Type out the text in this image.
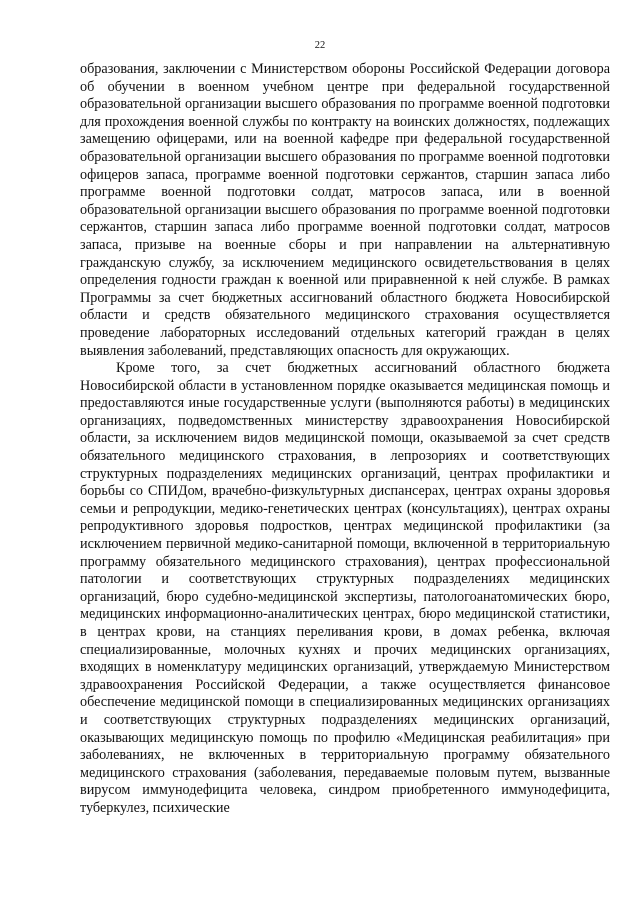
22

образования, заключении с Министерством обороны Российской Федерации договора об обучении в военном учебном центре при федеральной государственной образовательной организации высшего образования по программе военной подготовки для прохождения военной службы по контракту на воинских должностях, подлежащих замещению офицерами, или на военной кафедре при федеральной государственной образовательной организации высшего образования по программе военной подготовки офицеров запаса, программе военной подготовки сержантов, старшин запаса либо программе военной подготовки солдат, матросов запаса, или в военной образовательной организации высшего образования по программе военной подготовки сержантов, старшин запаса либо программе военной подготовки солдат, матросов запаса, призыве на военные сборы и при направлении на альтернативную гражданскую службу, за исключением медицинского освидетельствования в целях определения годности граждан к военной или приравненной к ней службе. В рамках Программы за счет бюджетных ассигнований областного бюджета Новосибирской области и средств обязательного медицинского страхования осуществляется проведение лабораторных исследований отдельных категорий граждан в целях выявления заболеваний, представляющих опасность для окружающих.

Кроме того, за счет бюджетных ассигнований областного бюджета Новосибирской области в установленном порядке оказывается медицинская помощь и предоставляются иные государственные услуги (выполняются работы) в медицинских организациях, подведомственных министерству здравоохранения Новосибирской области, за исключением видов медицинской помощи, оказываемой за счет средств обязательного медицинского страхования, в лепрозориях и соответствующих структурных подразделениях медицинских организаций, центрах профилактики и борьбы со СПИДом, врачебно-физкультурных диспансерах, центрах охраны здоровья семьи и репродукции, медико-генетических центрах (консультациях), центрах охраны репродуктивного здоровья подростков, центрах медицинской профилактики (за исключением первичной медико-санитарной помощи, включенной в территориальную программу обязательного медицинского страхования), центрах профессиональной патологии и соответствующих структурных подразделениях медицинских организаций, бюро судебно-медицинской экспертизы, патологоанатомических бюро, медицинских информационно-аналитических центрах, бюро медицинской статистики, в центрах крови, на станциях переливания крови, в домах ребенка, включая специализированные, молочных кухнях и прочих медицинских организациях, входящих в номенклатуру медицинских организаций, утверждаемую Министерством здравоохранения Российской Федерации, а также осуществляется финансовое обеспечение медицинской помощи в специализированных медицинских организациях и соответствующих структурных подразделениях медицинских организаций, оказывающих медицинскую помощь по профилю «Медицинская реабилитация» при заболеваниях, не включенных в территориальную программу обязательного медицинского страхования (заболевания, передаваемые половым путем, вызванные вирусом иммунодефицита человека, синдром приобретенного иммунодефицита, туберкулез, психические
